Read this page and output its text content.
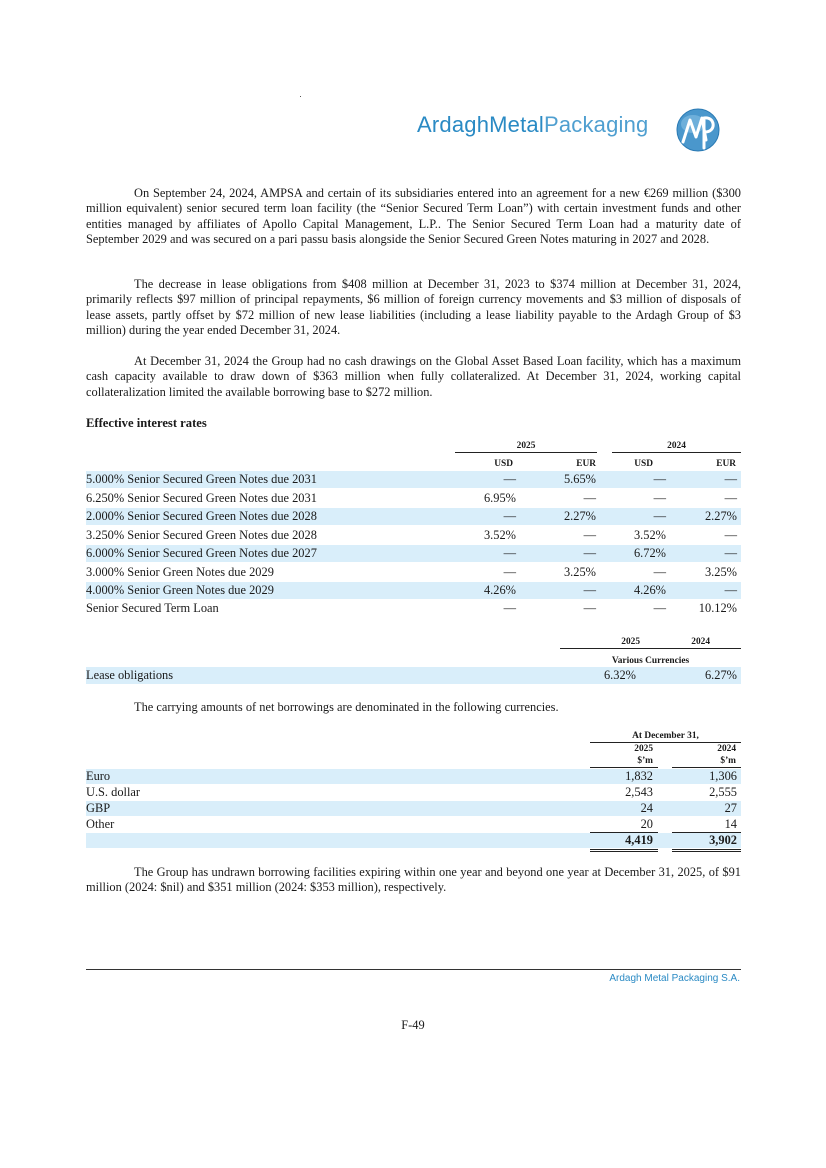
ArdaghMetalPackaging
On September 24, 2024, AMPSA and certain of its subsidiaries entered into an agreement for a new €269 million ($300 million equivalent) senior secured term loan facility (the “Senior Secured Term Loan”) with certain investment funds and other entities managed by affiliates of Apollo Capital Management, L.P.. The Senior Secured Term Loan had a maturity date of September 2029 and was secured on a pari passu basis alongside the Senior Secured Green Notes maturing in 2027 and 2028.
The decrease in lease obligations from $408 million at December 31, 2023 to $374 million at December 31, 2024, primarily reflects $97 million of principal repayments, $6 million of foreign currency movements and $3 million of disposals of lease assets, partly offset by $72 million of new lease liabilities (including a lease liability payable to the Ardagh Group of $3 million) during the year ended December 31, 2024.
At December 31, 2024 the Group had no cash drawings on the Global Asset Based Loan facility, which has a maximum cash capacity available to draw down of $363 million when fully collateralized. At December 31, 2024, working capital collateralization limited the available borrowing base to $272 million.
Effective interest rates
2025	2024
USD	EUR	USD	EUR
5.000% Senior Secured Green Notes due 2031	—	5.65%	—	—
6.250% Senior Secured Green Notes due 2031	6.95%	—	—	—
2.000% Senior Secured Green Notes due 2028	—	2.27%	—	2.27%
3.250% Senior Secured Green Notes due 2028	3.52%	—	3.52%	—
6.000% Senior Secured Green Notes due 2027	—	—	6.72%	—
3.000% Senior Green Notes due 2029	—	3.25%	—	3.25%
4.000% Senior Green Notes due 2029	4.26%	—	4.26%	—
Senior Secured Term Loan	—	—	—	10.12%
2025	2024
Various Currencies
Lease obligations	6.32%	6.27%
The carrying amounts of net borrowings are denominated in the following currencies.
At December 31,
2025	2024
$’m	$’m
Euro	1,832	1,306
U.S. dollar	2,543	2,555
GBP	24	27
Other	20	14
4,419	3,902
The Group has undrawn borrowing facilities expiring within one year and beyond one year at December 31, 2025, of $91 million (2024: $nil) and $351 million (2024: $353 million), respectively.
Ardagh Metal Packaging S.A.
F-49
